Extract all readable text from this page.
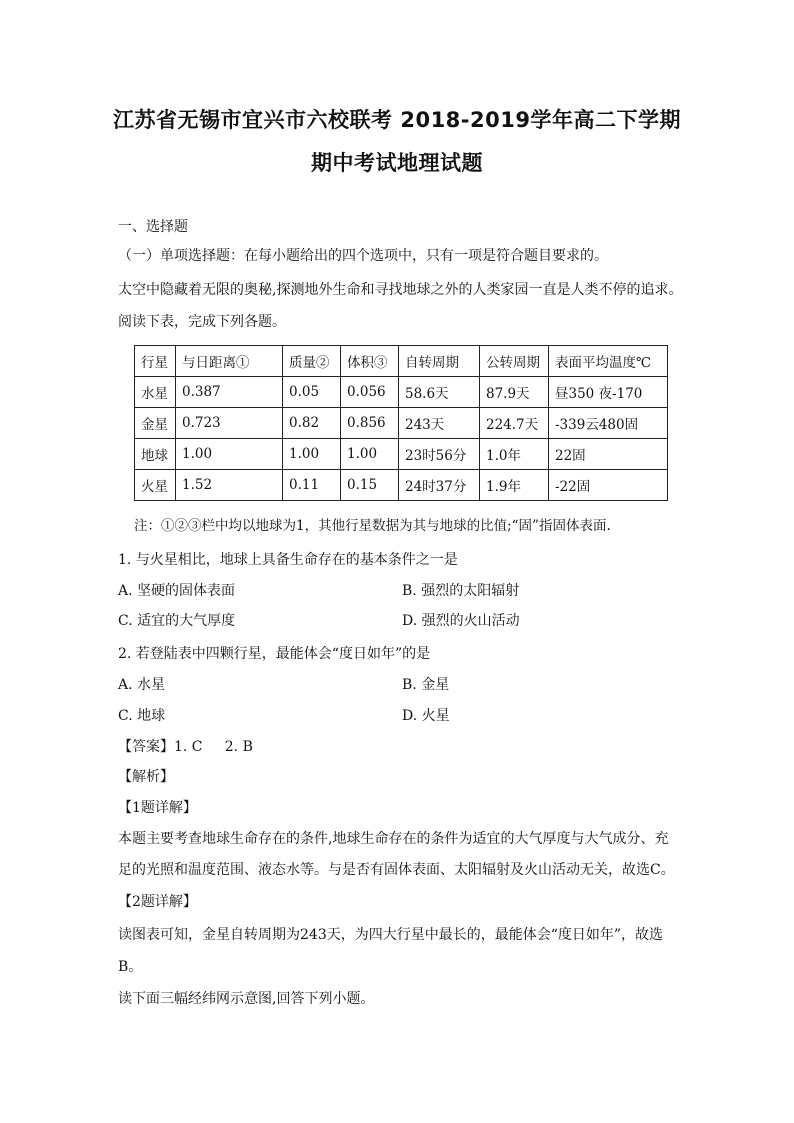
江苏省无锡市宜兴市六校联考 2018-2019学年高二下学期
期中考试地理试题
一、选择题
（一）单项选择题：在每小题给出的四个选项中，只有一项是符合题目要求的。
太空中隐藏着无限的奥秘,探测地外生命和寻找地球之外的人类家园一直是人类不停的追求。
阅读下表，完成下列各题。
行星	与日距离①	质量②	体积③	自转周期	公转周期	表面平均温度℃
水星	0.387	0.05	0.056	58.6天	87.9天	昼350 夜-170
金星	0.723	0.82	0.856	243天	224.7天	-339云480固
地球	1.00	1.00	1.00	23时56分	1.0年	22固
火星	1.52	0.11	0.15	24时37分	1.9年	-22固
注：①②③栏中均以地球为1，其他行星数据为其与地球的比值;“固”指固体表面.
1. 与火星相比，地球上具备生命存在的基本条件之一是
A. 坚硬的固体表面	B. 强烈的太阳辐射
C. 适宜的大气厚度	D. 强烈的火山活动
2. 若登陆表中四颗行星，最能体会“度日如年”的是
A. 水星	B. 金星
C. 地球	D. 火星
【答案】1. C     2. B
【解析】
【1题详解】
本题主要考查地球生命存在的条件,地球生命存在的条件为适宜的大气厚度与大气成分、充
足的光照和温度范围、液态水等。与是否有固体表面、太阳辐射及火山活动无关，故选C。
【2题详解】
读图表可知，金星自转周期为243天，为四大行星中最长的，最能体会“度日如年”，故选
B。
读下面三幅经纬网示意图,回答下列小题。
